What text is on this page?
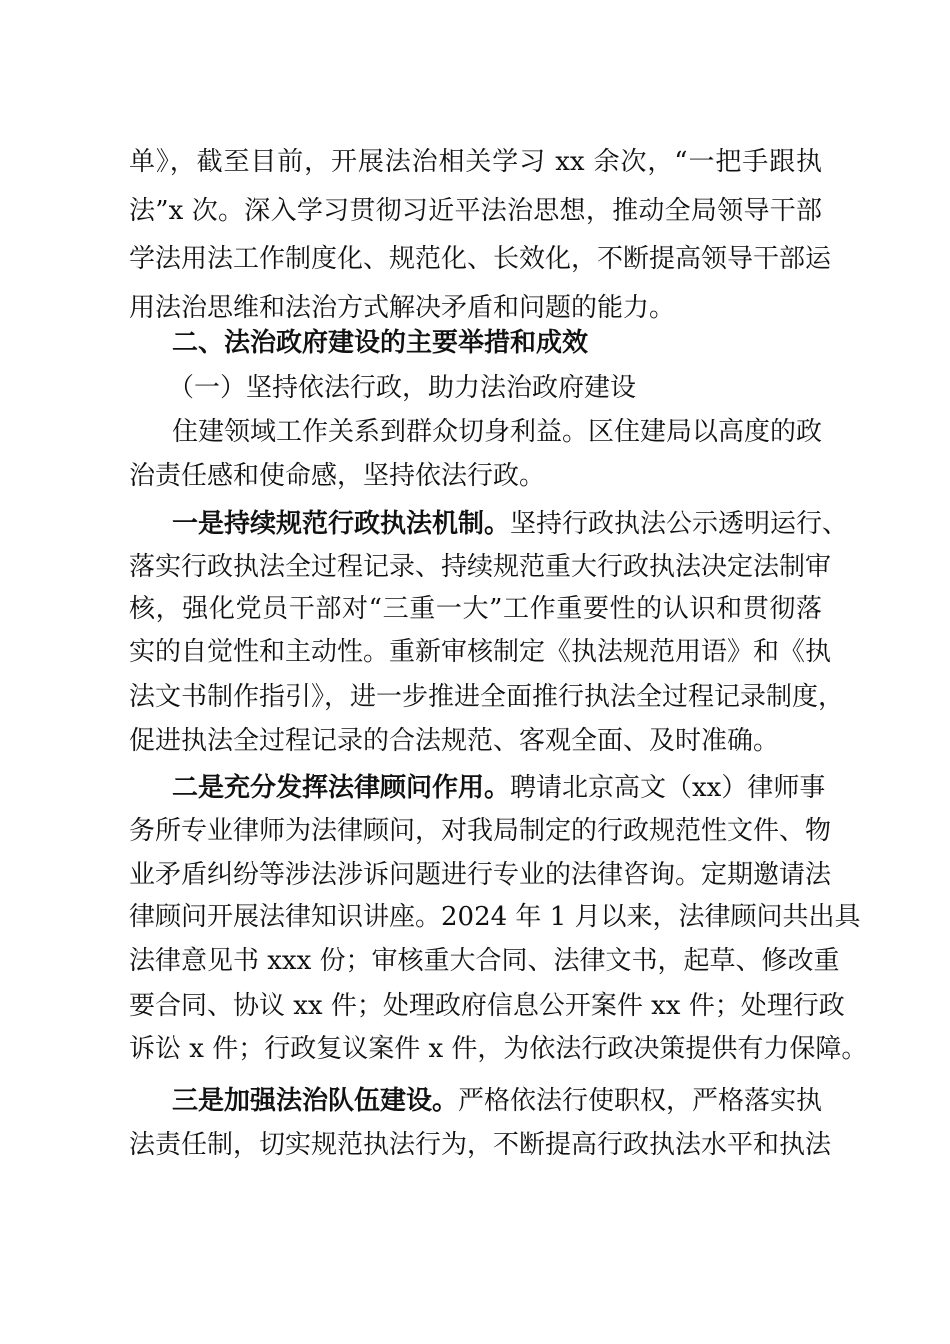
单》，截至目前，开展法治相关学习 xx 余次，“一把手跟执
法”x 次。深入学习贯彻习近平法治思想，推动全局领导干部
学法用法工作制度化、规范化、长效化，不断提高领导干部运
用法治思维和法治方式解决矛盾和问题的能力。
二、法治政府建设的主要举措和成效
（一）坚持依法行政，助力法治政府建设
住建领域工作关系到群众切身利益。区住建局以高度的政
治责任感和使命感，坚持依法行政。
一是持续规范行政执法机制。坚持行政执法公示透明运行、
落实行政执法全过程记录、持续规范重大行政执法决定法制审
核，强化党员干部对“三重一大”工作重要性的认识和贯彻落
实的自觉性和主动性。重新审核制定《执法规范用语》和《执
法文书制作指引》，进一步推进全面推行执法全过程记录制度，
促进执法全过程记录的合法规范、客观全面、及时准确。
二是充分发挥法律顾问作用。聘请北京高文（xx）律师事
务所专业律师为法律顾问，对我局制定的行政规范性文件、物
业矛盾纠纷等涉法涉诉问题进行专业的法律咨询。定期邀请法
律顾问开展法律知识讲座。2024 年 1 月以来，法律顾问共出具
法律意见书 xxx 份；审核重大合同、法律文书，起草、修改重
要合同、协议 xx 件；处理政府信息公开案件 xx 件；处理行政
诉讼 x 件；行政复议案件 x 件，为依法行政决策提供有力保障。
三是加强法治队伍建设。严格依法行使职权，严格落实执
法责任制，切实规范执法行为，不断提高行政执法水平和执法
